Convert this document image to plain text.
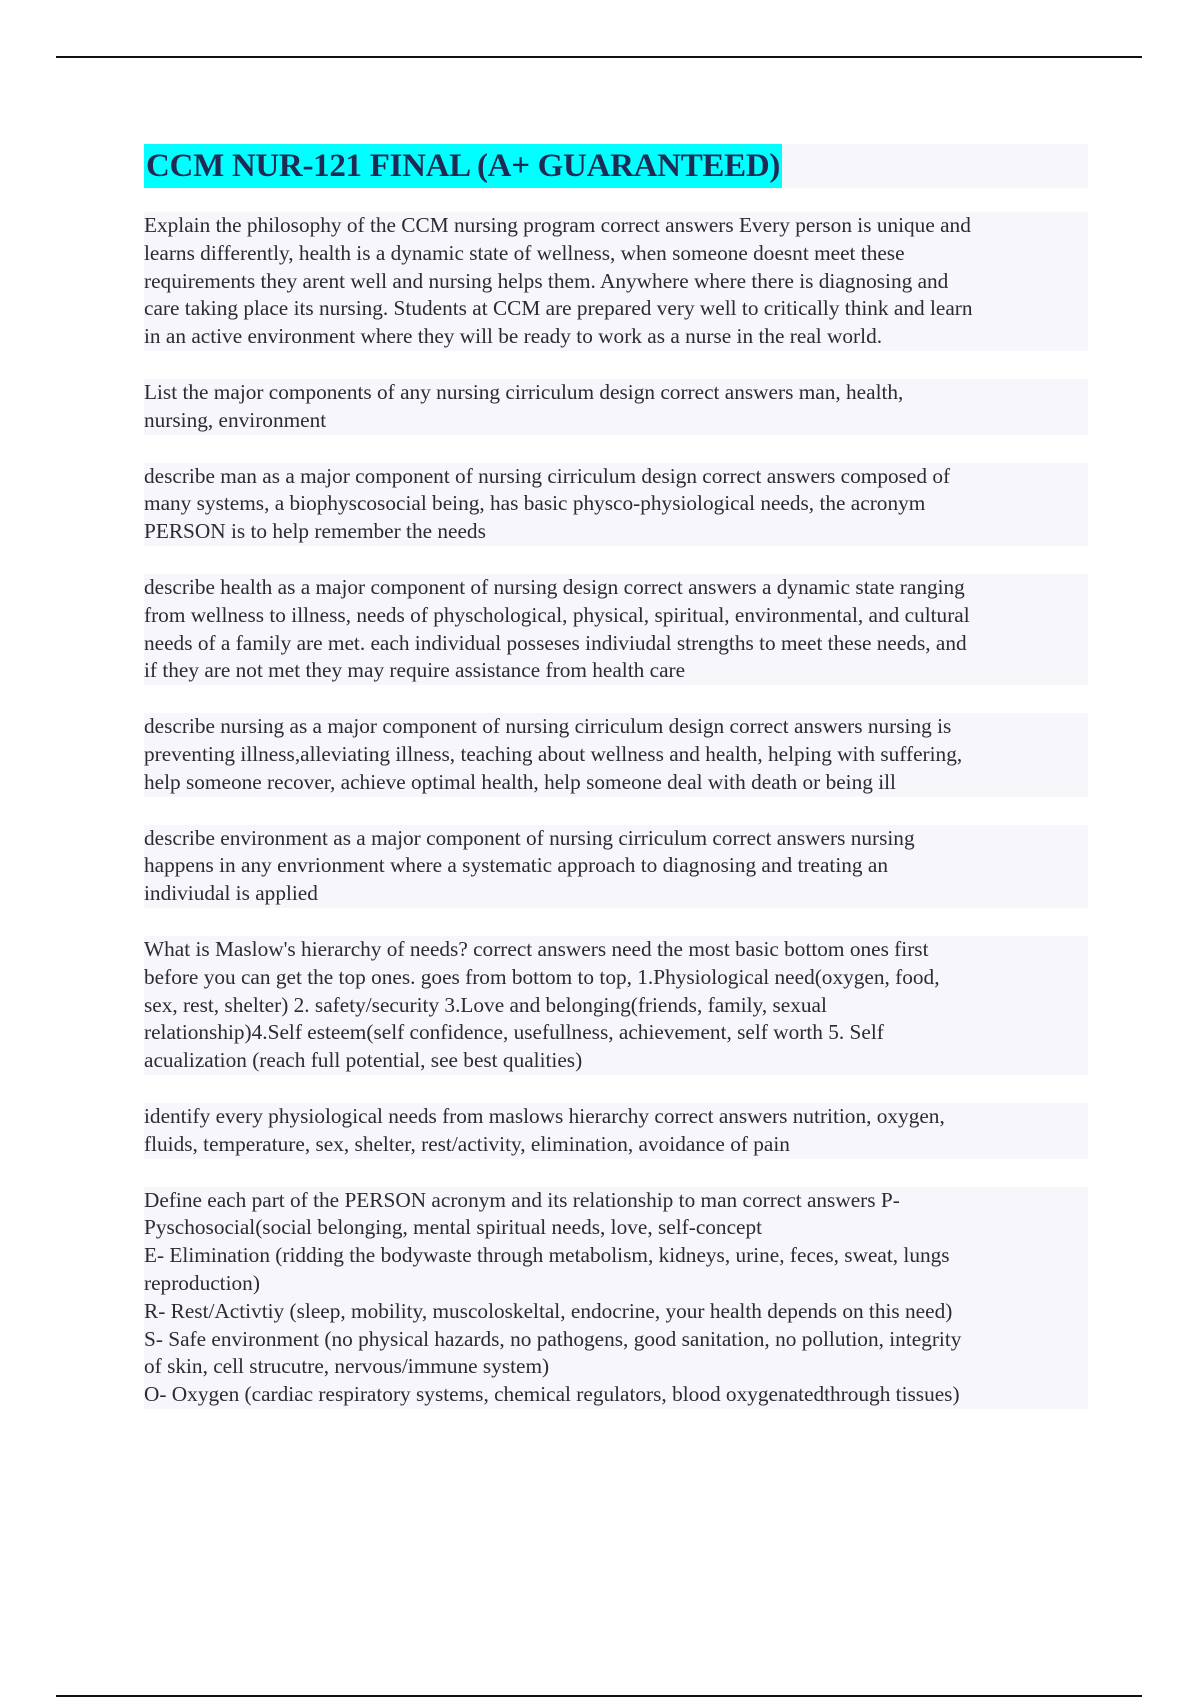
CCM NUR-121 FINAL (A+ GUARANTEED)
Explain the philosophy of the CCM nursing program correct answers Every person is unique and
learns differently, health is a dynamic state of wellness, when someone doesnt meet these
requirements they arent well and nursing helps them. Anywhere where there is diagnosing and
care taking place its nursing. Students at CCM are prepared very well to critically think and learn
in an active environment where they will be ready to work as a nurse in the real world.
List the major components of any nursing cirriculum design correct answers man, health,
nursing, environment
describe man as a major component of nursing cirriculum design correct answers composed of
many systems, a biophyscosocial being, has basic physco-physiological needs, the acronym
PERSON is to help remember the needs
describe health as a major component of nursing design correct answers a dynamic state ranging
from wellness to illness, needs of physchological, physical, spiritual, environmental, and cultural
needs of a family are met. each individual posseses indiviudal strengths to meet these needs, and
if they are not met they may require assistance from health care
describe nursing as a major component of nursing cirriculum design correct answers nursing is
preventing illness,alleviating illness, teaching about wellness and health, helping with suffering,
help someone recover, achieve optimal health, help someone deal with death or being ill
describe environment as a major component of nursing cirriculum correct answers nursing
happens in any envrionment where a systematic approach to diagnosing and treating an
indiviudal is applied
What is Maslow's hierarchy of needs? correct answers need the most basic bottom ones first
before you can get the top ones. goes from bottom to top, 1.Physiological need(oxygen, food,
sex, rest, shelter) 2. safety/security 3.Love and belonging(friends, family, sexual
relationship)4.Self esteem(self confidence, usefullness, achievement, self worth 5. Self
acualization (reach full potential, see best qualities)
identify every physiological needs from maslows hierarchy correct answers nutrition, oxygen,
fluids, temperature, sex, shelter, rest/activity, elimination, avoidance of pain
Define each part of the PERSON acronym and its relationship to man correct answers P-
Pyschosocial(social belonging, mental spiritual needs, love, self-concept
E- Elimination (ridding the bodywaste through metabolism, kidneys, urine, feces, sweat, lungs
reproduction)
R- Rest/Activtiy (sleep, mobility, muscoloskeltal, endocrine, your health depends on this need)
S- Safe environment (no physical hazards, no pathogens, good sanitation, no pollution, integrity
of skin, cell strucutre, nervous/immune system)
O- Oxygen (cardiac respiratory systems, chemical regulators, blood oxygenatedthrough tissues)
